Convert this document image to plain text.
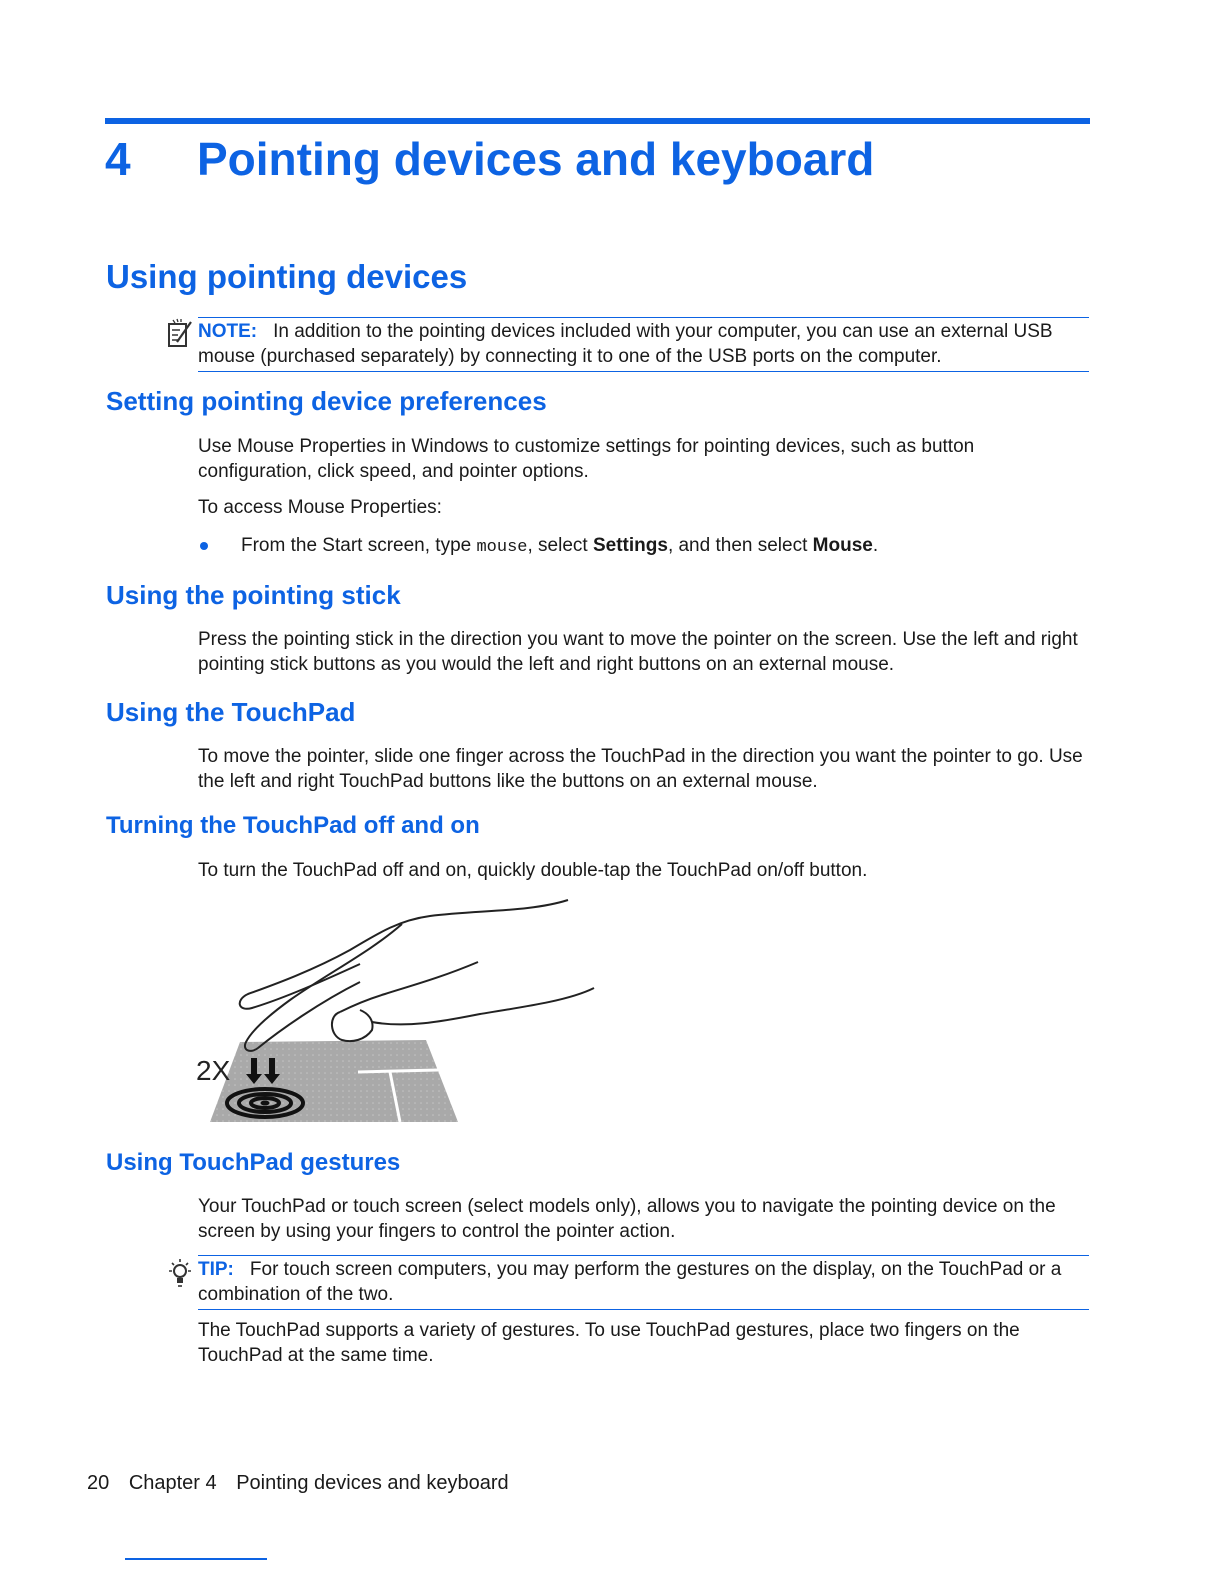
4 Pointing devices and keyboard
Using pointing devices
NOTE: In addition to the pointing devices included with your computer, you can use an external USB mouse (purchased separately) by connecting it to one of the USB ports on the computer.
Setting pointing device preferences

Use Mouse Properties in Windows to customize settings for pointing devices, such as button configuration, click speed, and pointer options.

To access Mouse Properties:

From the Start screen, type mouse, select Settings, and then select Mouse.
Using the pointing stick

Press the pointing stick in the direction you want to move the pointer on the screen. Use the left and right pointing stick buttons as you would the left and right buttons on an external mouse.

Using the TouchPad

To move the pointer, slide one finger across the TouchPad in the direction you want the pointer to go. Use the left and right TouchPad buttons like the buttons on an external mouse.

Turning the TouchPad off and on

To turn the TouchPad off and on, quickly double-tap the TouchPad on/off button.

2X
Using TouchPad gestures

Your TouchPad or touch screen (select models only), allows you to navigate the pointing device on the screen by using your fingers to control the pointer action.

TIP: For touch screen computers, you may perform the gestures on the display, on the TouchPad or a combination of the two.

The TouchPad supports a variety of gestures. To use TouchPad gestures, place two fingers on the TouchPad at the same time.

20 Chapter 4 Pointing devices and keyboard
